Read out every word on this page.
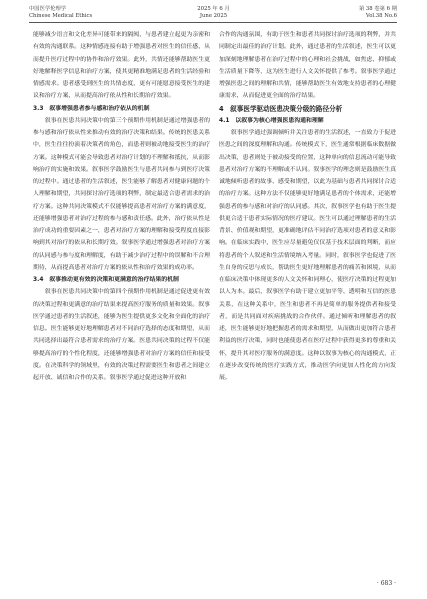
中国医学伦理学
Chinese Medical Ethics
2025 年 6 月
June 2025
第 38 卷第 6 期
Vol.38 No.6

能够减少语言和文化差异可能带来的隔阂，与患者建立起更为亲密和有效的沟通联系。这种情感连接有助于增强患者对医生的信任感，从而提升医疗过程中的协作和治疗效果。此外，共情还能够帮助医生更好地解释医学信息和治疗方案，使其更精准地满足患者的生活经验和情感需求。患者感受到医生的共情态度，更有可能愿意接受医生的建议和治疗方案，从而提高治疗依从性和长期治疗效果。

3.3　叙事增强患者参与感和治疗依从的机制

叙事在医患共同决策中的第三个预期作用机制是通过增强患者的参与感和治疗依从性来推动有效的治疗决策和结果。传统的医患关系中，医生往往扮演着决策者的角色，而患者则被动地接受医生的治疗方案。这种模式可能会导致患者对治疗计划的不理解和抵抗，从而影响治疗的实施和效果。叙事医学鼓励医生与患者共同参与到医疗决策的过程中。通过患者的生活叙述，医生能够了解患者对健康问题的个人理解和期望，共同探讨治疗选项的利弊，制定最适合患者需求的治疗方案。这种共同决策模式不仅能够提高患者对治疗方案的满意度，还能够增强患者对治疗过程的参与感和责任感。此外，治疗依从性是治疗成功的重要因素之一，患者对治疗方案的理解和接受程度直接影响到其对治疗的依从和长期疗效。叙事医学通过增强患者对治疗方案的认同感与参与度和理解度，有助于减少治疗过程中的误解和不合理期待，从而提高患者对治疗方案的依从性和治疗效果的成功率。

3.4　叙事推动更有效的决策和更满意的治疗结果的机制

叙事在医患共同决策中的第四个预期作用机制是通过促进更有效的决策过程和更满意的治疗结果来提高医疗服务的质量和效果。叙事医学通过患者的生活叙述，能够为医生提供更多文化和全面化的治疗信息。医生能够更好地理解患者对不同治疗选择的态度和期望，从而共同选择出最符合患者需求的治疗方案。医患共同决策的过程不仅能够提高治疗的个性化程度，还能够增强患者对治疗方案的信任和接受度。在决策科学的领域里，有效的决策过程需要医生和患者之间建立起开放、诚信和合作的关系。叙事医学通过促进这种开放和

合作的沟通氛围，有助于医生和患者共同探讨治疗选项的利弊，并共同制定出最佳的治疗计划。此外，通过患者的生活叙述，医生可以更加深刻地理解患者在治疗过程中的心理和社会挑战，如焦虑、抑郁或生活质量下降等，这为医生进行人文关怀提供了参考。叙事医学通过增强医患之间的理解和共情，能够帮助医生有效地支持患者的心理健康需求，从而促进更全面的治疗结果。

4　叙事医学驱动医患决策分级的路径分析
4.1　以叙事为核心增强医患沟通和理解

叙事医学通过强调倾听并关注患者的生活叙述，一直致力于促进医患之间的深度理解和沟通。传统模式下，医生通常根据临床数据做出决策，患者则处于被动接受的位置，这种单向的信息流动可能导致患者对治疗方案的不理解或不认同。叙事医学的理念则是鼓励医生真诚地倾听患者的故事、感受和期望，以此为基础与患者共同探讨合适的治疗方案。这种方法不仅能够更好地满足患者的个体需求，还能增强患者的参与感和对治疗的认同感。其次，叙事医学也有助于医生提供更合适于患者实际情况的医疗建议。医生可以通过理解患者的生活背景、价值观和期望，更准确地评估不同治疗选项对患者的意义和影响。在临床实践中，医生应尽量避免仅仅基于技术层面的判断，而应将患者的个人叙述和生活情境纳入考量。同时，叙事医学也促进了医生自身的反思与成长，帮助医生更好地理解患者的痛苦和困境，从而在临床决策中体现更多的人文关怀和同理心，使医疗决策的过程更加以人为本。最后，叙事医学有助于建立更加平等、透明和互信的医患关系，在这种关系中，医生和患者不再是简单的服务提供者和接受者，而是共同面对疾病挑战的合作伙伴。通过倾听和理解患者的叙述，医生能够更好地把握患者的需求和期望，从而做出更加符合患者利益的医疗决策，同时也能使患者在医疗过程中获得更多的尊重和关怀，提升其对医疗服务的满意度。这种以叙事为核心的沟通模式，正在逐步改变传统的医疗实践方式，推动医学向更加人性化的方向发展。

· 683 ·
